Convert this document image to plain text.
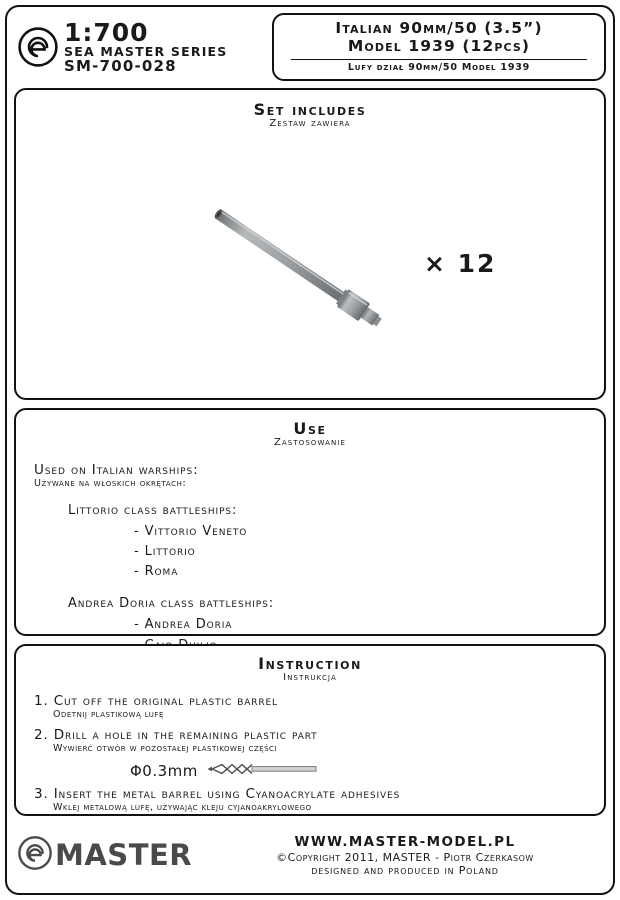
1:700
SEA MASTER SERIES
SM-700-028
Italian 90mm/50 (3.5”)
Model 1939 (12pcs)
Lufy dział 90mm/50 Model 1939
Set includes
Zestaw zawiera
× 12
Use
Zastosowanie
Used on Italian warships:
Używane na włoskich okrętach:
Littorio class battleships:
- Vittorio Veneto
- Littorio
- Roma
Andrea Doria class battleships:
- Andrea Doria
Instruction
Instrukcja
1. Cut off the original plastic barrel
Odetnij plastikową lufę
2. Drill a hole in the remaining plastic part
Wywierć otwór w pozostałej plastikowej części
Φ0.3mm
3. Insert the metal barrel using Cyanoacrylate adhesives
Wklej metalową lufę, używając kleju cyjanoakrylowego
MASTER	WWW.MASTER-MODEL.PL
©Copyright 2011, MASTER - Piotr Czerkasow
designed and produced in Poland
